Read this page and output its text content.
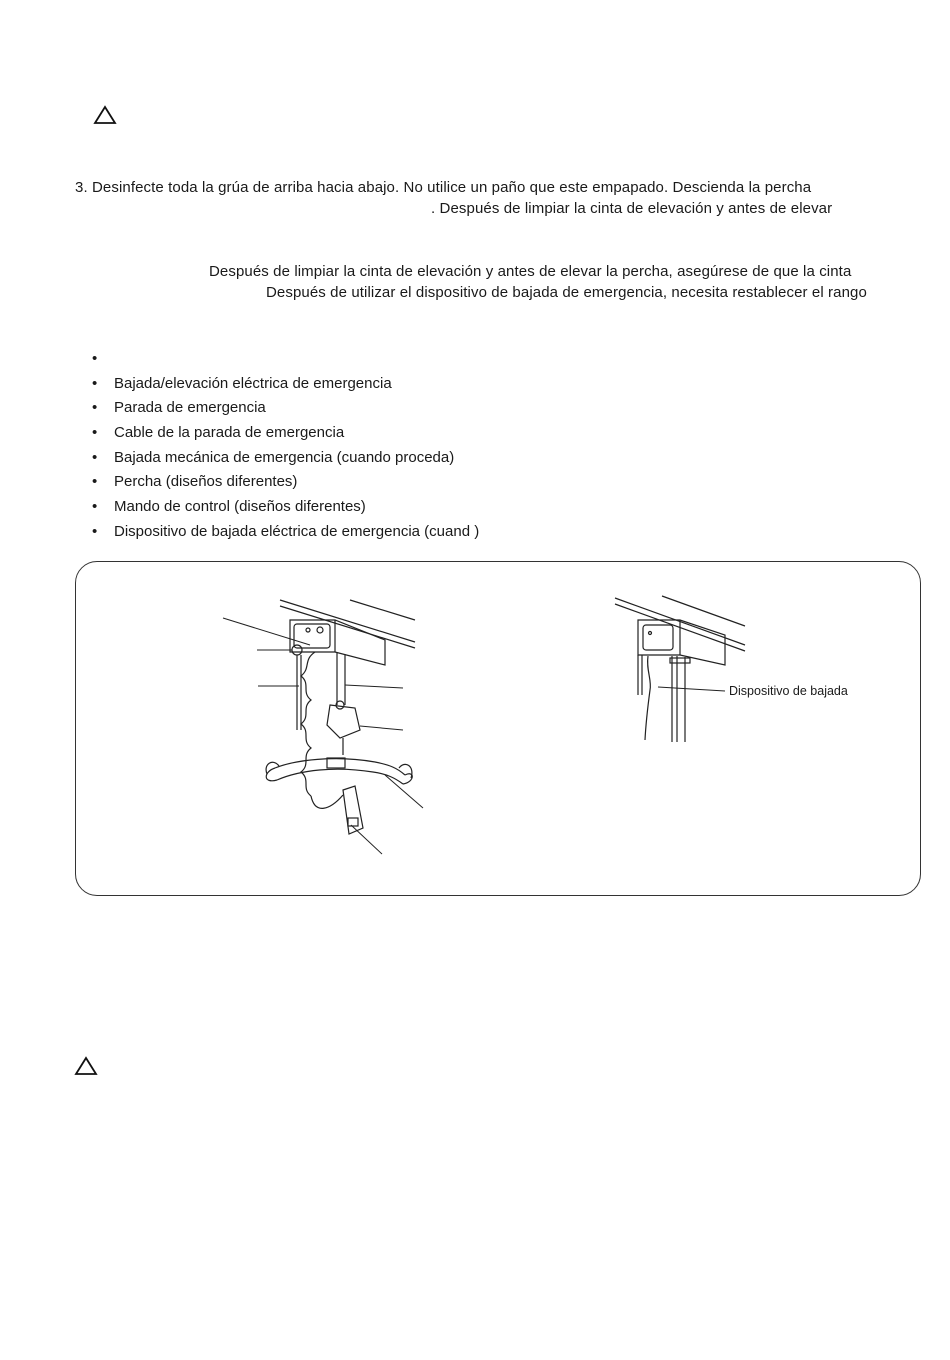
3. Desinfecte toda la grúa de arriba hacia abajo. No utilice un paño que este empapado. Descienda la percha
. Después de limpiar la cinta de elevación y antes de elevar
Después de limpiar la cinta de elevación y antes de elevar la percha, asegúrese de que la cinta
Después de utilizar el dispositivo de bajada de emergencia, necesita restablecer el rango
•
• Bajada/elevación eléctrica de emergencia
• Parada de emergencia
• Cable de la parada de emergencia
• Bajada mecánica de emergencia (cuando proceda)
• Percha (diseños diferentes)
• Mando de control (diseños diferentes)
• Dispositivo de bajada eléctrica de emergencia (cuand )
Dispositivo de bajada
